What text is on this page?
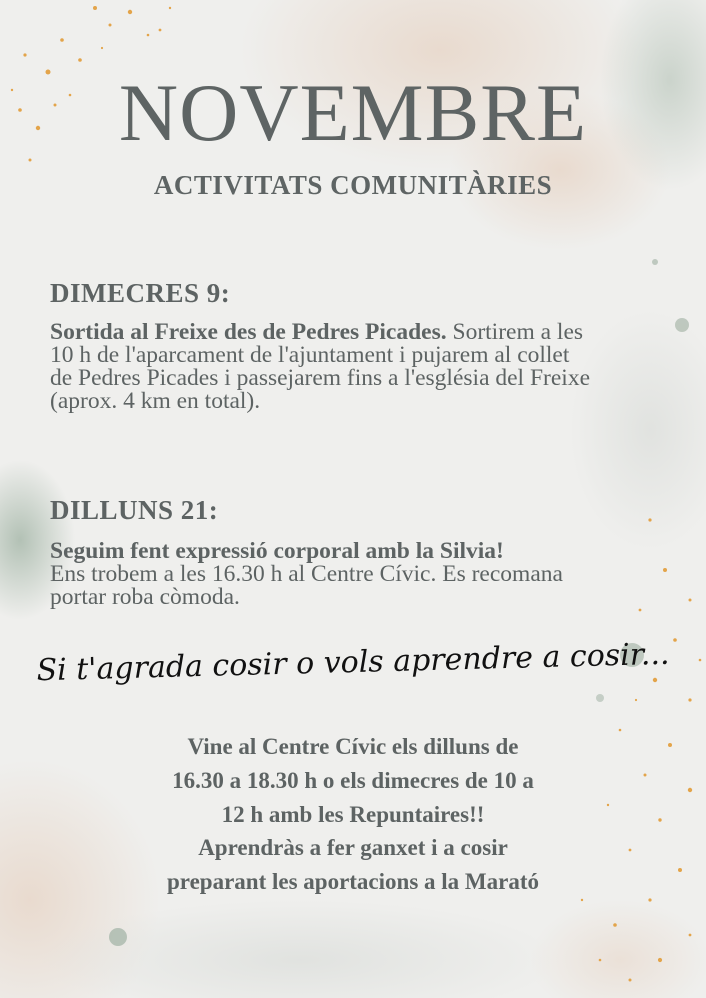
NOVEMBRE
ACTIVITATS COMUNITÀRIES
DIMECRES 9:
Sortida al Freixe des de Pedres Picades. Sortirem a les
10 h de l'aparcament de l'ajuntament i pujarem al collet
de Pedres Picades i passejarem fins a l'església del Freixe
(aprox. 4 km en total).
DILLUNS 21:
Seguim fent expressió corporal amb la Silvia!
Ens trobem a les 16.30 h al Centre Cívic. Es recomana
portar roba còmoda.
Si t'agrada cosir o vols aprendre a cosir...
Vine al Centre Cívic els dilluns de
16.30 a 18.30 h o els dimecres de 10 a
12 h amb les Repuntaires!!
Aprendràs a fer ganxet i a cosir
preparant les aportacions a la Marató
